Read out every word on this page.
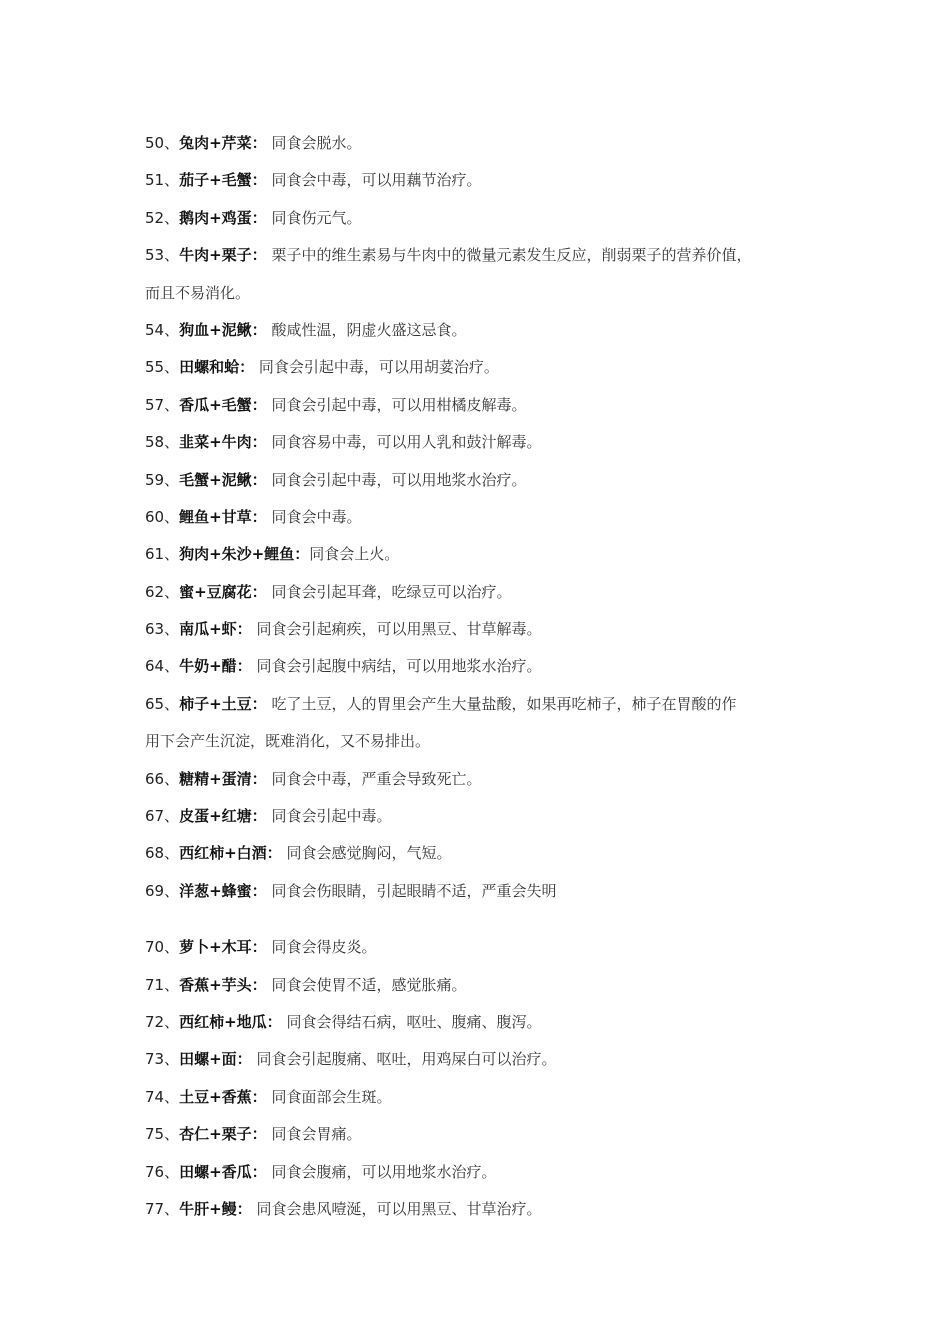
50、兔肉+芹菜： 同食会脱水。
51、茄子+毛蟹： 同食会中毒，可以用藕节治疗。
52、鹅肉+鸡蛋： 同食伤元气。
53、牛肉+栗子： 栗子中的维生素易与牛肉中的微量元素发生反应，削弱栗子的营养价值，
而且不易消化。
54、狗血+泥鳅： 酸咸性温，阴虚火盛这忌食。
55、田螺和蛤： 同食会引起中毒，可以用胡荽治疗。
57、香瓜+毛蟹： 同食会引起中毒，可以用柑橘皮解毒。
58、韭菜+牛肉： 同食容易中毒，可以用人乳和鼓汁解毒。
59、毛蟹+泥鳅： 同食会引起中毒，可以用地浆水治疗。
60、鲤鱼+甘草： 同食会中毒。
61、狗肉+朱沙+鲤鱼：同食会上火。
62、蜜+豆腐花： 同食会引起耳聋，吃绿豆可以治疗。
63、南瓜+虾： 同食会引起痢疾，可以用黑豆、甘草解毒。
64、牛奶+醋： 同食会引起腹中病结，可以用地浆水治疗。
65、柿子+土豆： 吃了土豆，人的胃里会产生大量盐酸，如果再吃柿子，柿子在胃酸的作
用下会产生沉淀，既难消化，又不易排出。
66、糖精+蛋清： 同食会中毒，严重会导致死亡。
67、皮蛋+红塘： 同食会引起中毒。
68、西红柿+白酒： 同食会感觉胸闷，气短。
69、洋葱+蜂蜜： 同食会伤眼睛，引起眼睛不适，严重会失明
70、萝卜+木耳： 同食会得皮炎。
71、香蕉+芋头： 同食会使胃不适，感觉胀痛。
72、西红柿+地瓜： 同食会得结石病，呕吐、腹痛、腹泻。
73、田螺+面： 同食会引起腹痛、呕吐，用鸡屎白可以治疗。
74、土豆+香蕉： 同食面部会生斑。
75、杏仁+栗子： 同食会胃痛。
76、田螺+香瓜： 同食会腹痛，可以用地浆水治疗。
77、牛肝+鳗： 同食会患风噎涎，可以用黑豆、甘草治疗。
